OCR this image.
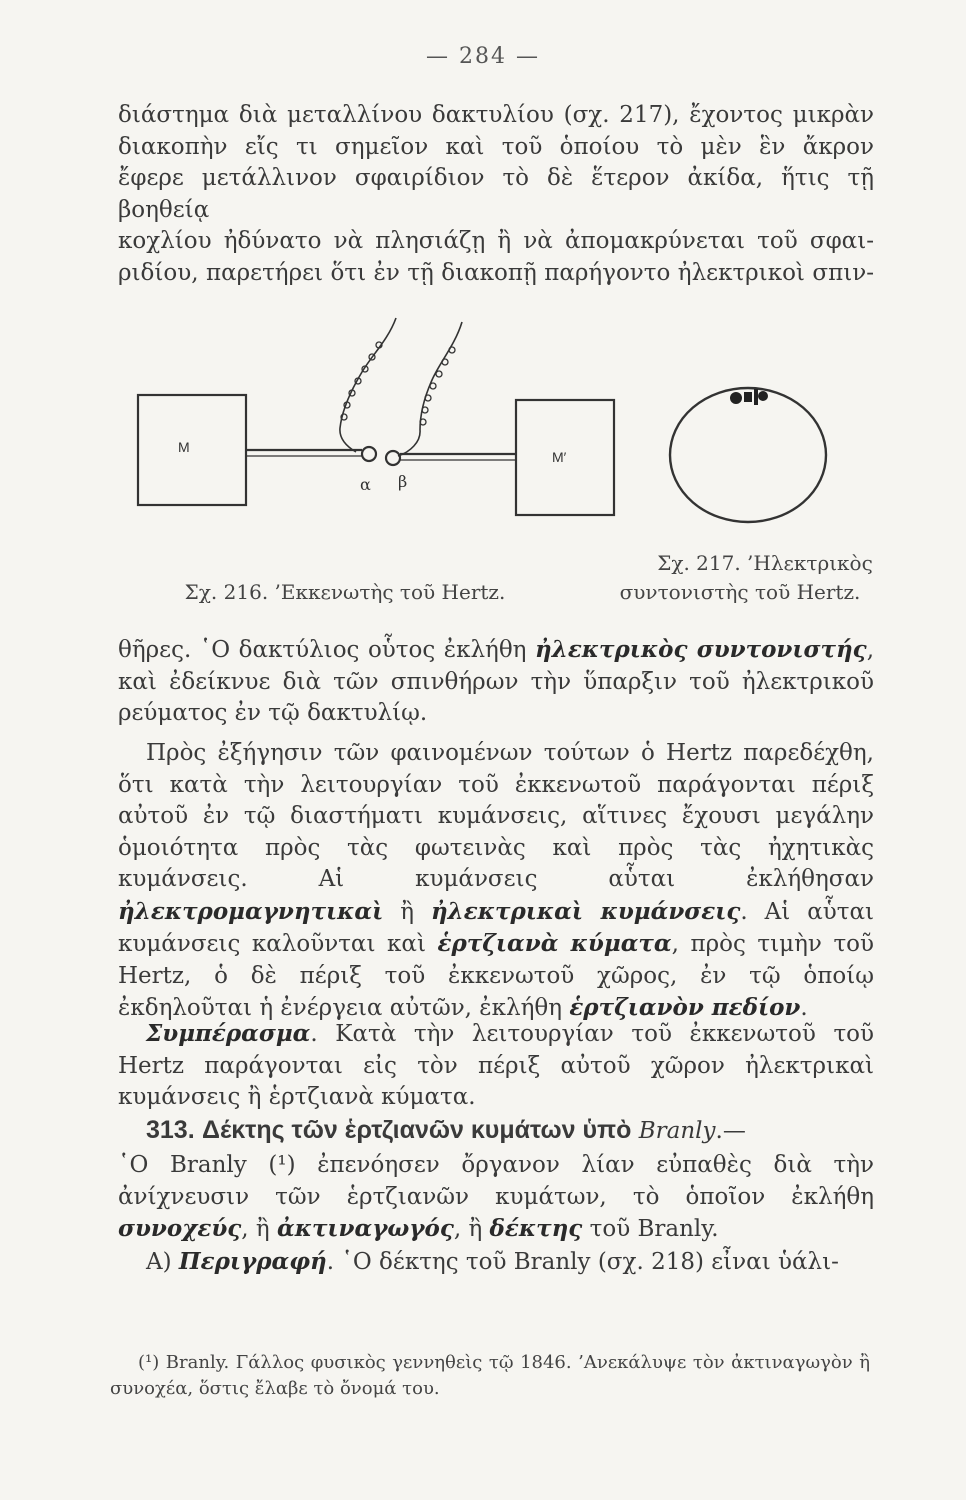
— 284 —
διάστημα διὰ μεταλλίνου δακτυλίου (σχ. 217), ἔχοντος μικρὰν
διακοπὴν εἴς τι σημεῖον καὶ τοῦ ὁποίου τὸ μὲν ἓν ἄκρον
ἔφερε μετάλλινον σφαιρίδιον τὸ δὲ ἕτερον ἀκίδα, ἥτις τῇ βοηθείᾳ
κοχλίου ἠδύνατο νὰ πλησιάζῃ ἢ νὰ ἀπομακρύνεται τοῦ σφαι-
ριδίου, παρετήρει ὅτι ἐν τῇ διακοπῇ παρήγοντο ἠλεκτρικοὶ σπιν-
M
M′
α β
Σχ. 216. ’Εκκενωτὴς τοῦ Hertz.
Σχ. 217. ’Ηλεκτρικὸς
συντονιστὴς τοῦ Hertz.

θῆρες. ῾Ο δακτύλιος οὗτος ἐκλήθη ἠλεκτρικὸς συντονιστής, καὶ ἐδείκνυε διὰ τῶν σπινθήρων τὴν ὕπαρξιν τοῦ ἠλεκτρικοῦ ρεύματος ἐν τῷ δακτυλίῳ.

Πρὸς ἐξήγησιν τῶν φαινομένων τούτων ὁ Hertz παρεδέχθη, ὅτι κατὰ τὴν λειτουργίαν τοῦ ἐκκενωτοῦ παράγονται πέριξ αὐτοῦ ἐν τῷ διαστήματι κυμάνσεις, αἵτινες ἔχουσι μεγάλην ὁμοιότητα πρὸς τὰς φωτεινὰς καὶ πρὸς τὰς ἠχητικὰς κυμάνσεις. Αἱ κυμάνσεις αὗται ἐκλήθησαν ἠλεκτρομαγνητικαὶ ἢ ἠλεκτρικαὶ κυμάνσεις. Αἱ αὗται κυμάνσεις καλοῦνται καὶ ἑρτζιανὰ κύματα, πρὸς τιμὴν τοῦ Hertz, ὁ δὲ πέριξ τοῦ ἐκκενωτοῦ χῶρος, ἐν τῷ ὁποίῳ ἐκδηλοῦται ἡ ἐνέργεια αὐτῶν, ἐκλήθη ἑρτζιανὸν πεδίον.

Συμπέρασμα. Κατὰ τὴν λειτουργίαν τοῦ ἐκκενωτοῦ τοῦ Hertz παράγονται εἰς τὸν πέριξ αὐτοῦ χῶρον ἠλεκτρικαὶ κυμάνσεις ἢ ἑρτζιανὰ κύματα.

313. Δέκτης τῶν ἑρτζιανῶν κυμάτων ὑπὸ Branly.—

῾Ο Branly (¹) ἐπενόησεν ὄργανον λίαν εὐπαθὲς διὰ τὴν ἀνίχνευσιν τῶν ἑρτζιανῶν κυμάτων, τὸ ὁποῖον ἐκλήθη συνοχεύς, ἢ ἀκτιναγωγός, ἢ δέκτης τοῦ Branly.

Α) Περιγραφή. ῾Ο δέκτης τοῦ Branly (σχ. 218) εἶναι ὑάλι-

(¹) Branly. Γάλλος φυσικὸς γεννηθεὶς τῷ 1846. ’Ανεκάλυψε τὸν ἀκτιναγωγὸν ἢ συνοχέα, ὅστις ἔλαβε τὸ ὄνομά του.
